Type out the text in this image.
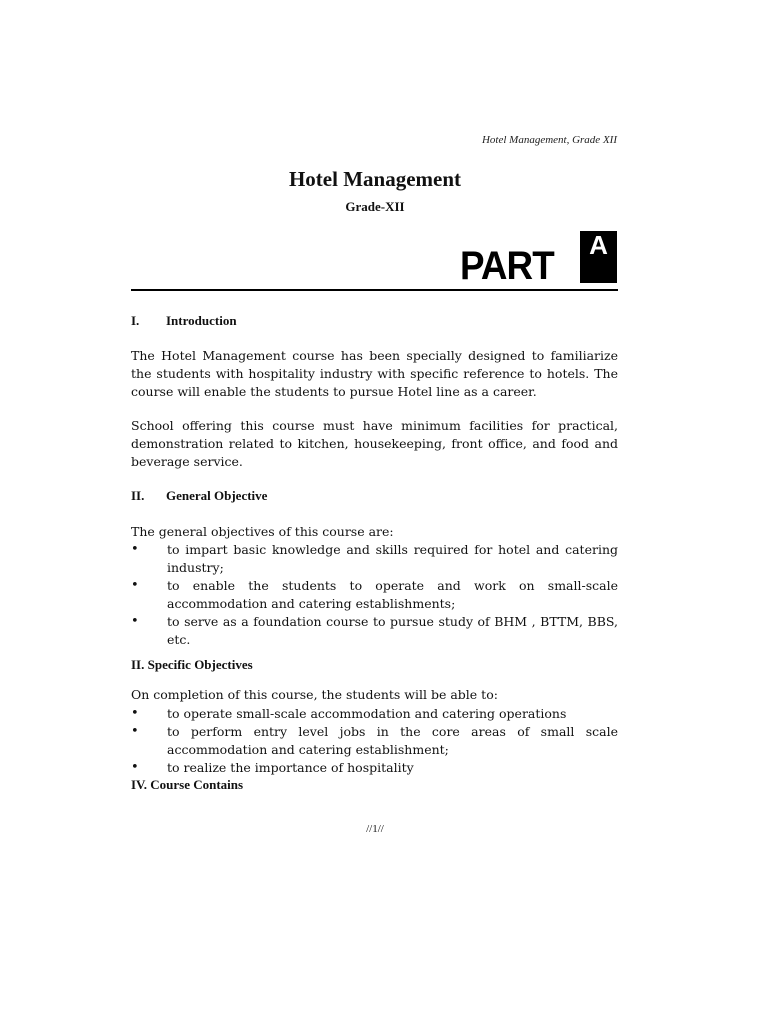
Hotel Management, Grade XII
Hotel Management
Grade-XII
PART	A
I. Introduction
The Hotel Management course has been specially designed to familiarize the students with hospitality industry with specific reference to hotels. The course will enable the students to pursue Hotel line as a career.
School offering this course must have minimum facilities for practical, demonstration related to kitchen, housekeeping, front office, and food and beverage service.
II. General Objective
The general objectives of this course are:
• to impart basic knowledge and skills required for hotel and catering industry;
• to enable the students to operate and work on small-scale accommodation and catering establishments;
• to serve as a foundation course to pursue study of BHM , BTTM, BBS, etc.
II. Specific Objectives
On completion of this course, the students will be able to:
• to operate small-scale accommodation and catering operations
• to perform entry level jobs in the core areas of small scale accommodation and catering establishment;
• to realize the importance of hospitality
IV. Course Contains
//1//
